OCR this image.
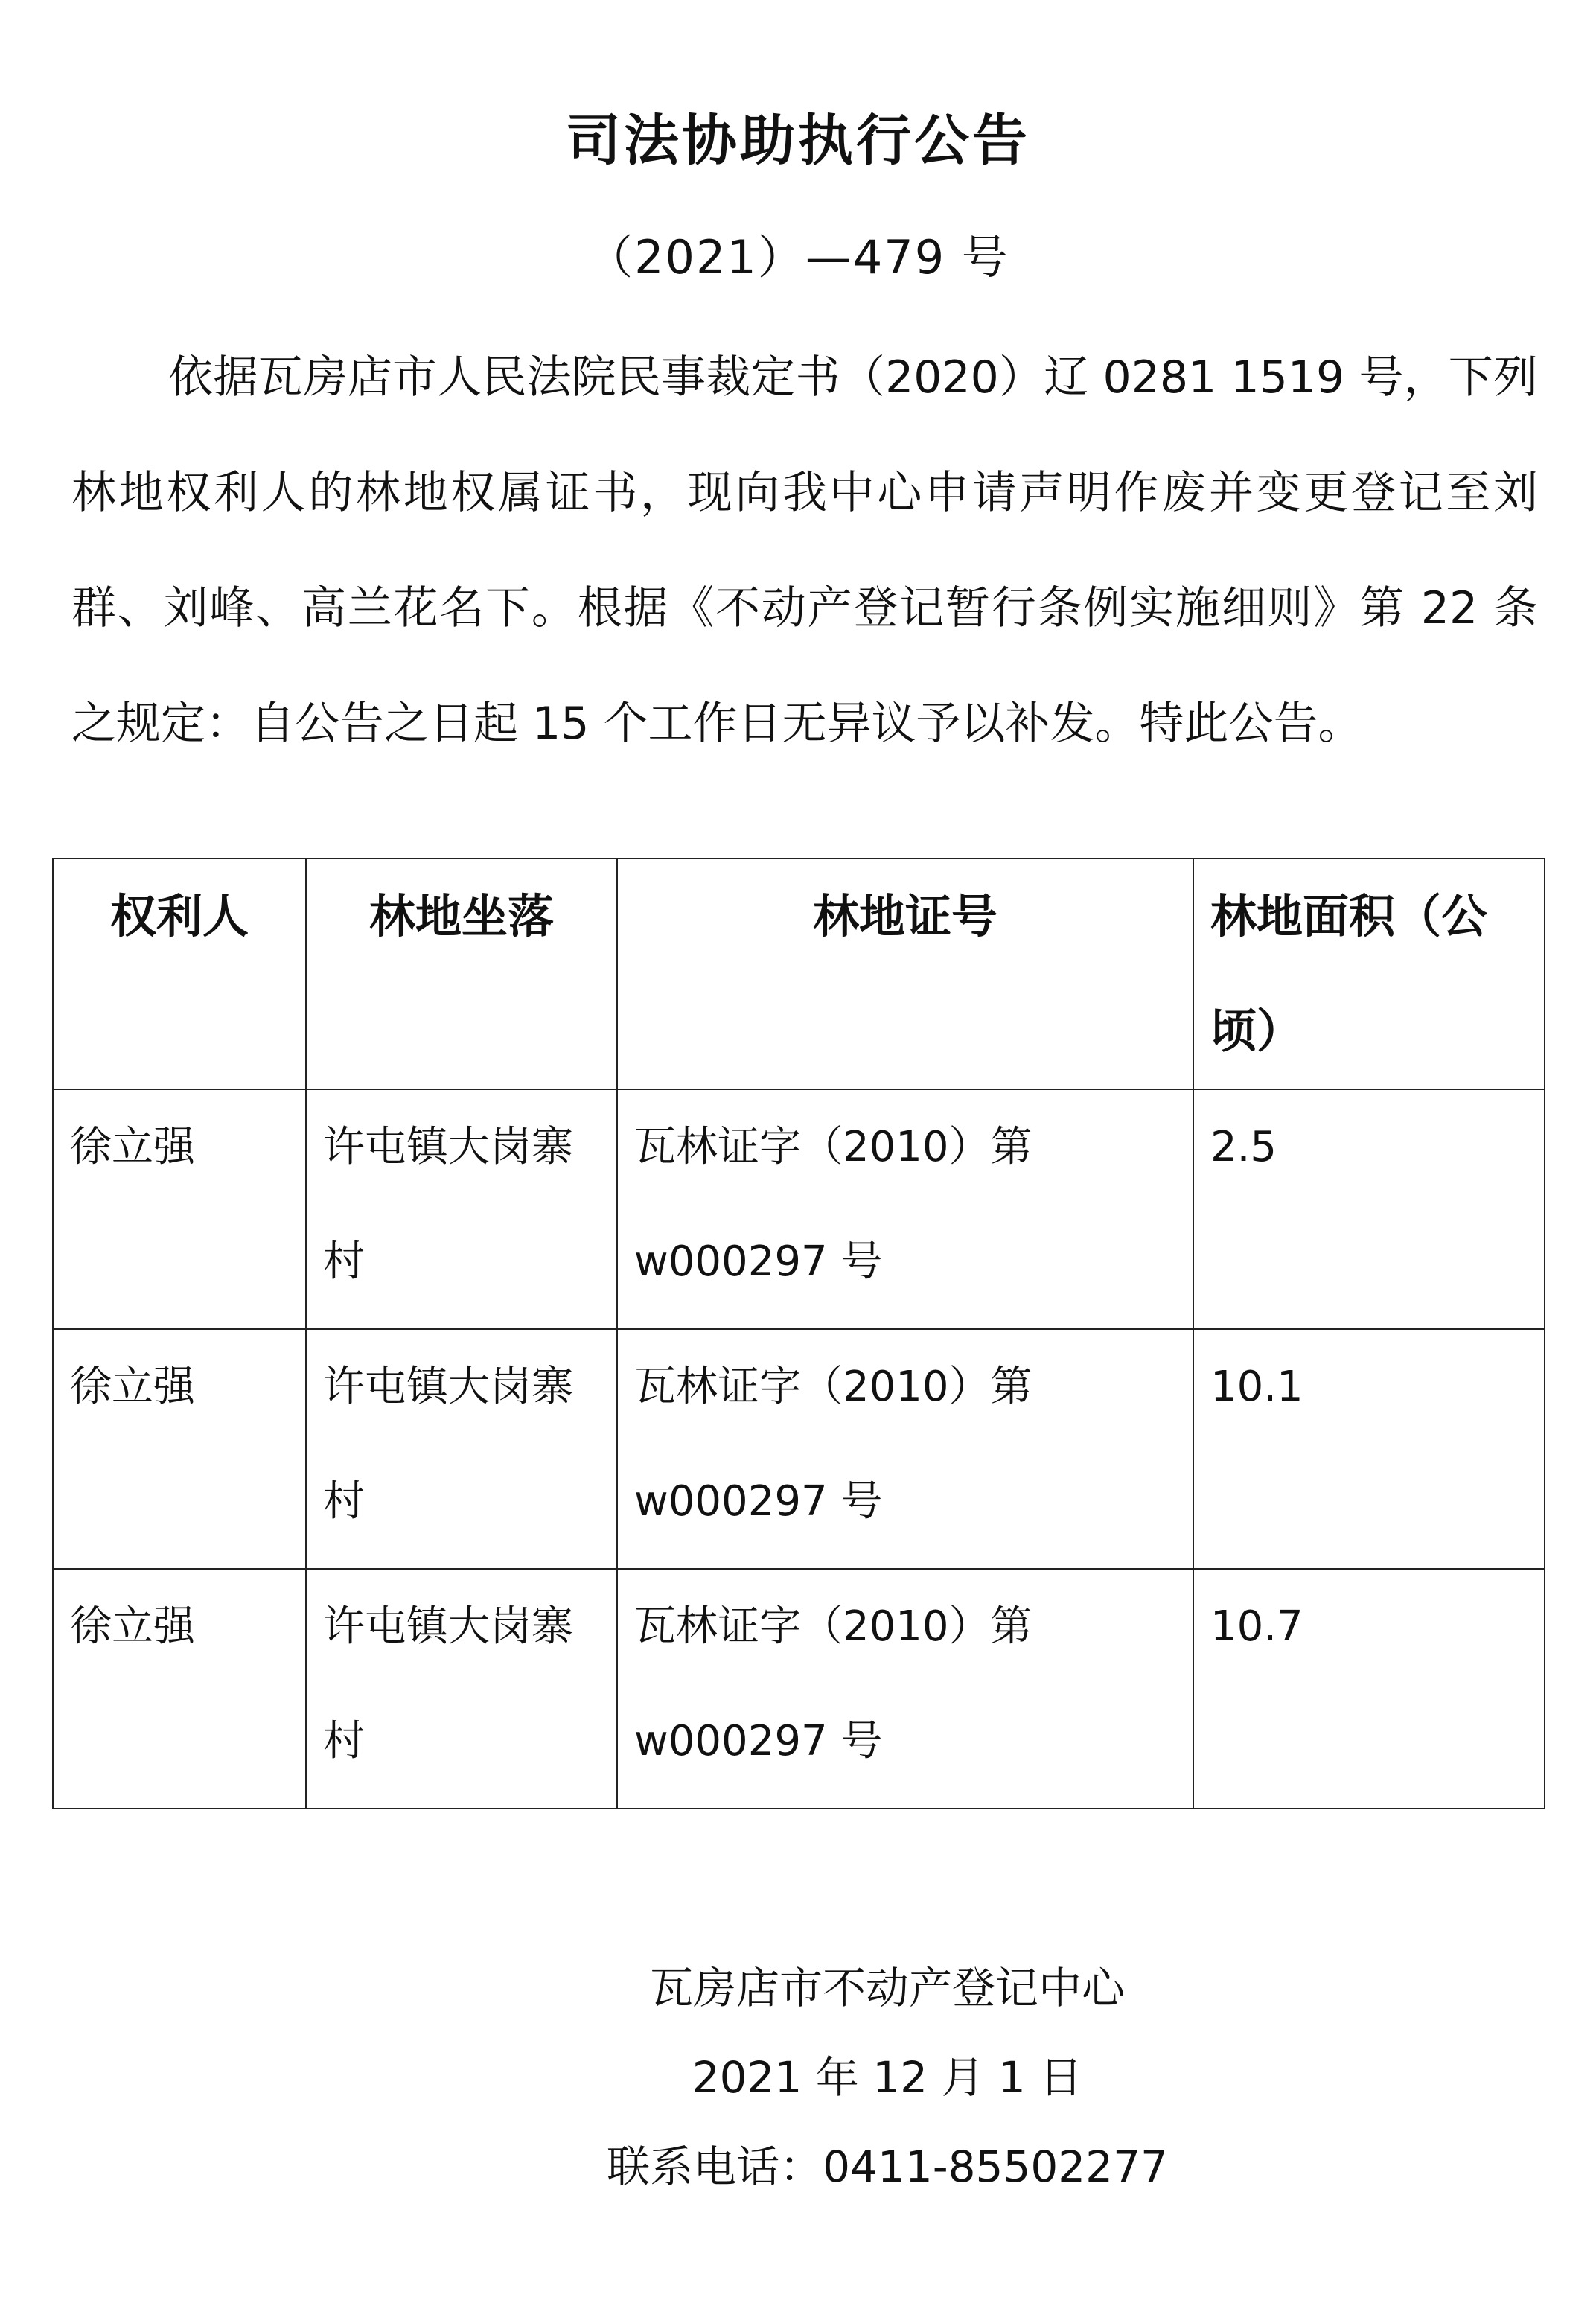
司法协助执行公告
（2021）—479 号
依据瓦房店市人民法院民事裁定书（2020）辽 0281 1519 号，下列林地权利人的林地权属证书，现向我中心申请声明作废并变更登记至刘群、刘峰、高兰花名下。根据《不动产登记暂行条例实施细则》第 22 条之规定：自公告之日起 15 个工作日无异议予以补发。特此公告。
权利人	林地坐落	林地证号	林地面积（公顷）
徐立强	许屯镇大岗寨村	瓦林证字（2010）第 w000297 号	2.5
徐立强	许屯镇大岗寨村	瓦林证字（2010）第 w000297 号	10.1
徐立强	许屯镇大岗寨村	瓦林证字（2010）第 w000297 号	10.7
瓦房店市不动产登记中心
2021 年 12 月 1 日
联系电话：0411-85502277
